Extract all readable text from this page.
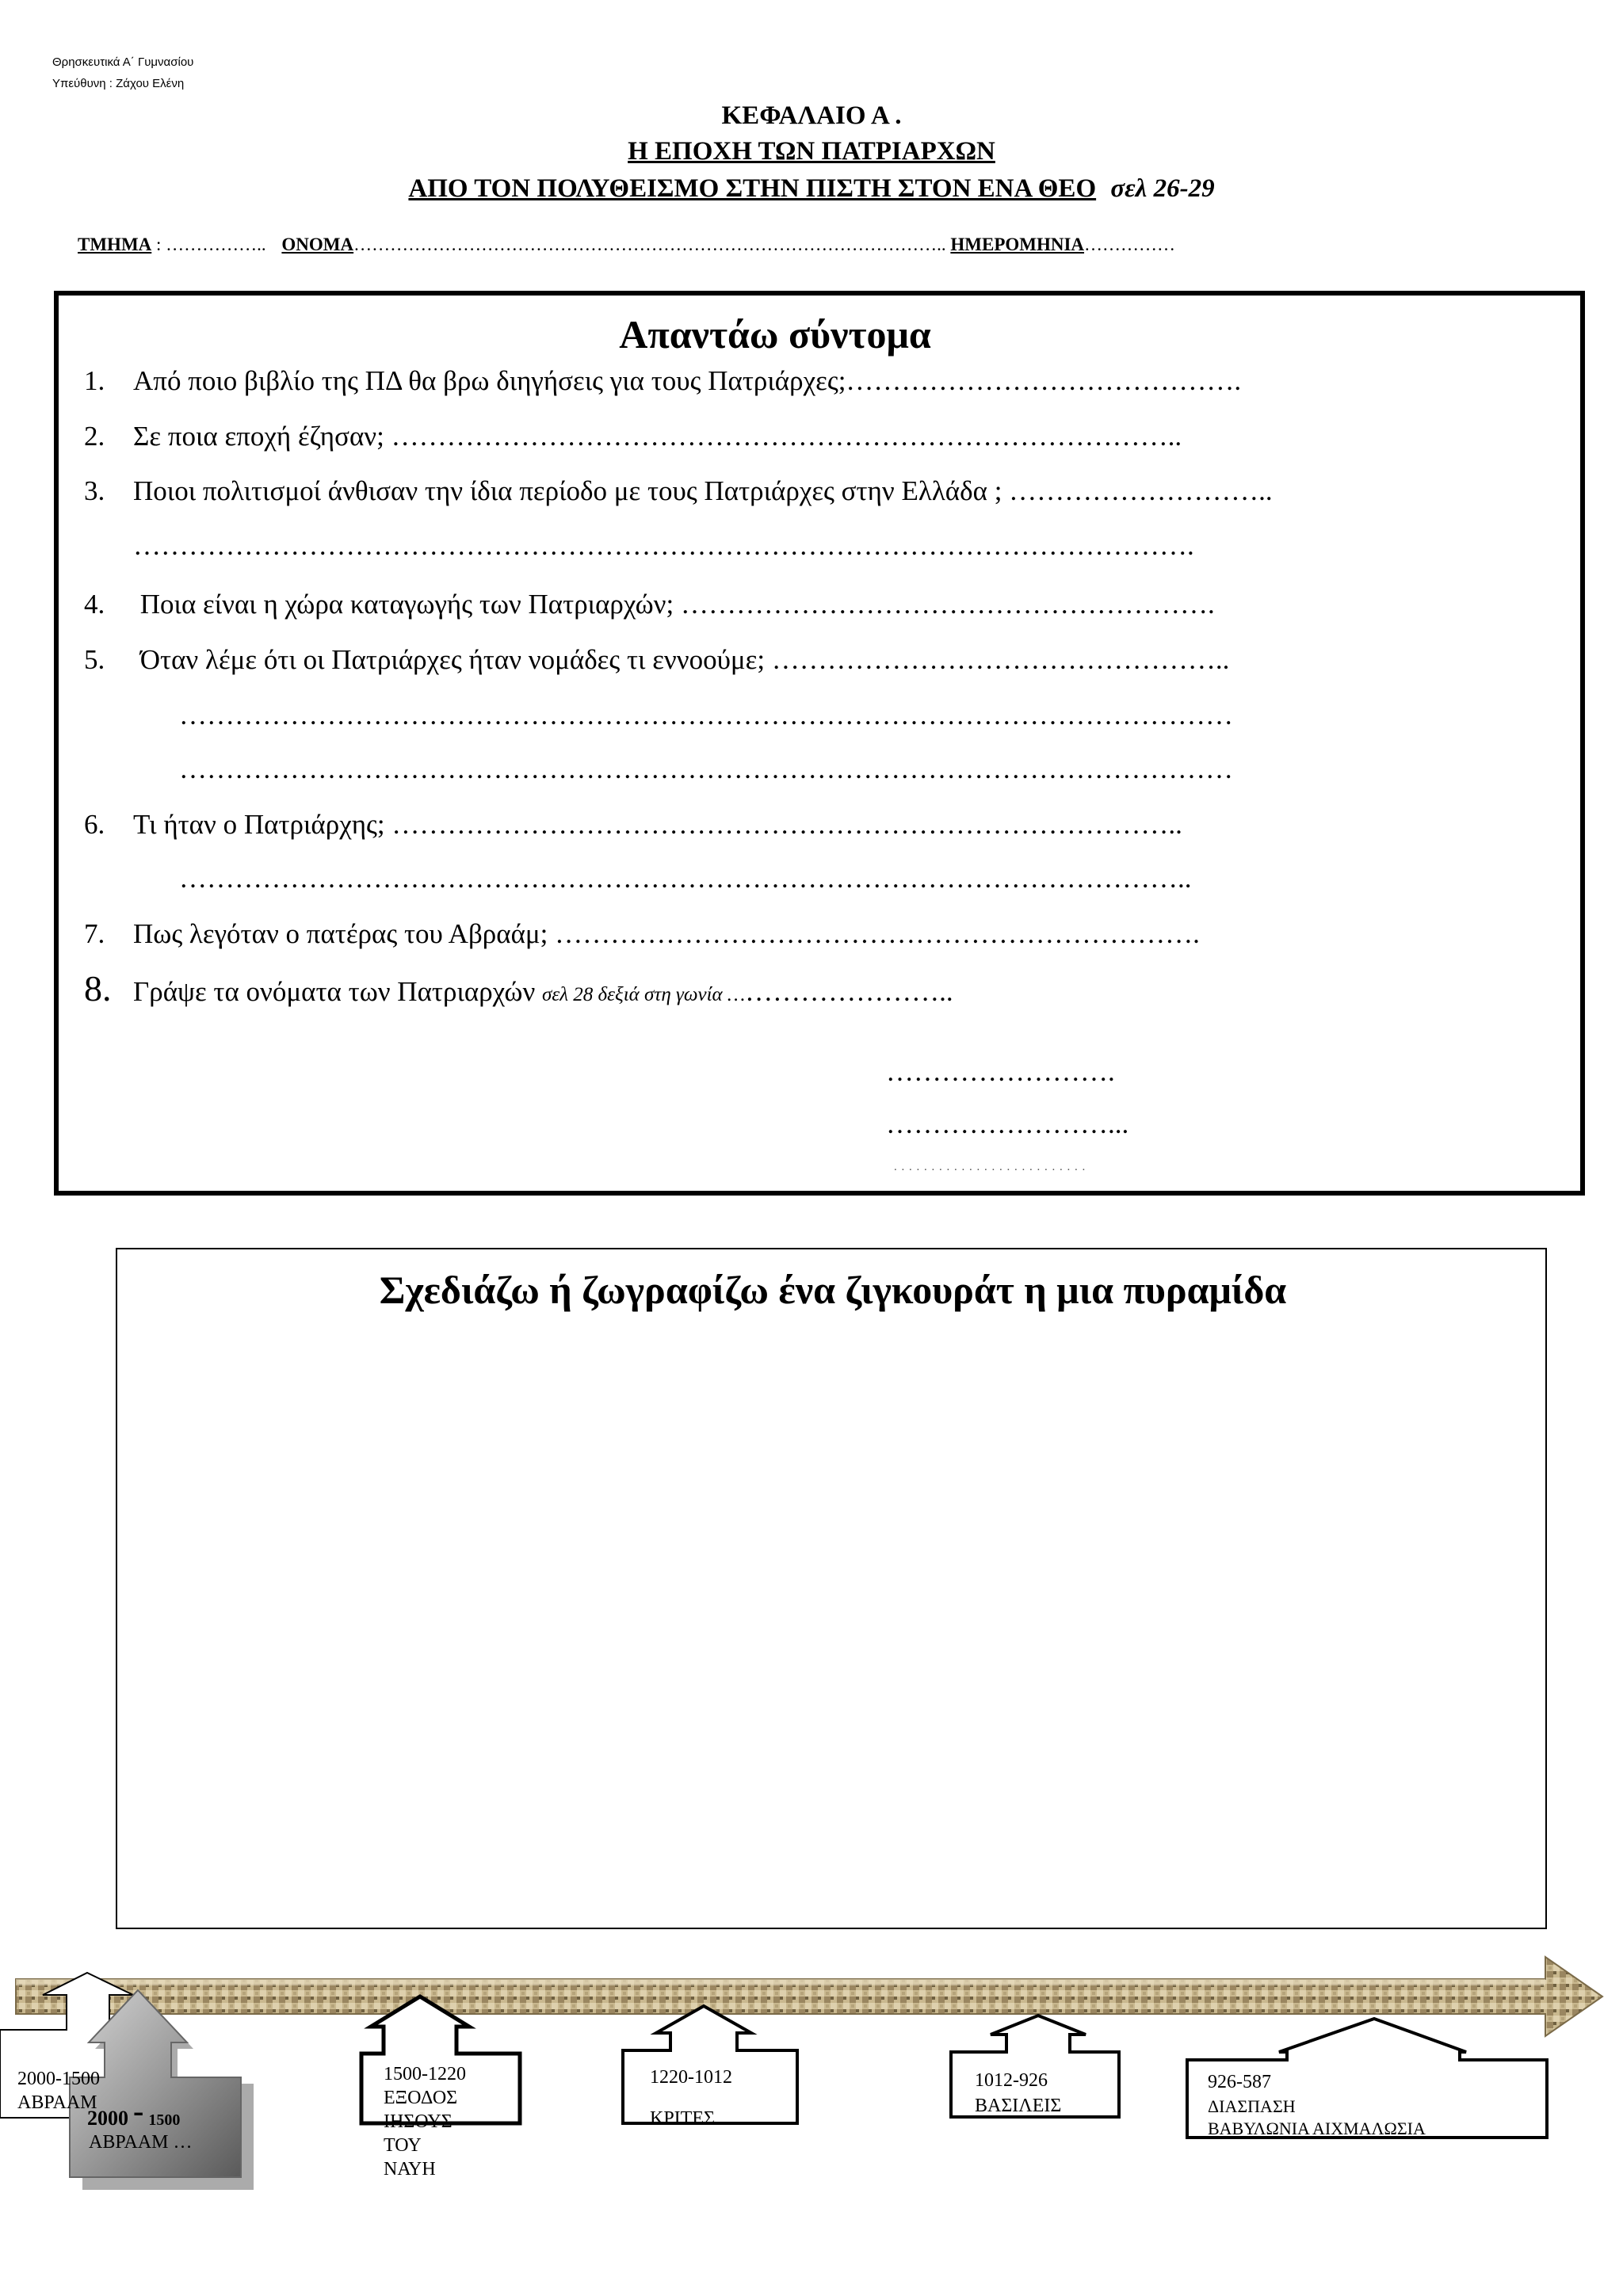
Θρησκευτικά Α΄ Γυμνασίου
Υπεύθυνη : Ζάχου Ελένη
ΚΕΦΑΛΑΙΟ Α .
Η ΕΠΟΧΗ ΤΩΝ ΠΑΤΡΙΑΡΧΩΝ
ΑΠΟ ΤΟΝ ΠΟΛΥΘΕΙΣΜΟ ΣΤΗΝ ΠΙΣΤΗ ΣΤΟΝ ΕΝΑ ΘΕΟ σελ 26-29
ΤΜΗΜΑ : …………….. ΟΝΟΜΑ…………………………………………………………………………………….. ΗΜΕΡΟΜΗΝΙΑ……………
Απαντάω σύντομα
1. Από ποιο βιβλίο της ΠΔ θα βρω διηγήσεις για τους Πατριάρχες;…………………………………….
2. Σε ποια εποχή έζησαν; …………………………………………………………………………..
3. Ποιοι πολιτισμοί άνθισαν την ίδια περίοδο με τους Πατριάρχες στην Ελλάδα ; ………………………..
…………………………………………………………………………………………………….
4. Ποια είναι η χώρα καταγωγής των Πατριαρχών; ………………………………………………….
5. Όταν λέμε ότι οι Πατριάρχες ήταν νομάδες τι εννοούμε; …………………………………………..
……………………………………………………………………………………………………
……………………………………………………………………………………………………
6. Τι ήταν ο Πατριάρχης; …………………………………………………………………………..
………………………………………………………………………………………………..
7. Πως λεγόταν ο πατέρας του Αβραάμ; …………………………………………………………….
8. Γράψε τα ονόματα των Πατριαρχών σελ 28 δεξιά στη γωνία ……………………..
…………………….
……………………...
. . . . . . . . . . . . . . . . . . . . . . . . . .
Σχεδιάζω ή ζωγραφίζω ένα ζιγκουράτ η μια πυραμίδα
2000-1500
ΑΒΡΑΑΜ
2000 - 1500
ΑΒΡΑΑΜ …
1500-1220
ΕΞΟΔΟΣ
ΙΗΣΟΥΣ
ΤΟΥ
ΝΑΥΗ
1220-1012
ΚΡΙΤΕΣ
1012-926
ΒΑΣΙΛΕΙΣ
926-587
ΔΙΑΣΠΑΣΗ
ΒΑΒΥΛΩΝΙΑ ΑΙΧΜΑΛΩΣΙΑ
